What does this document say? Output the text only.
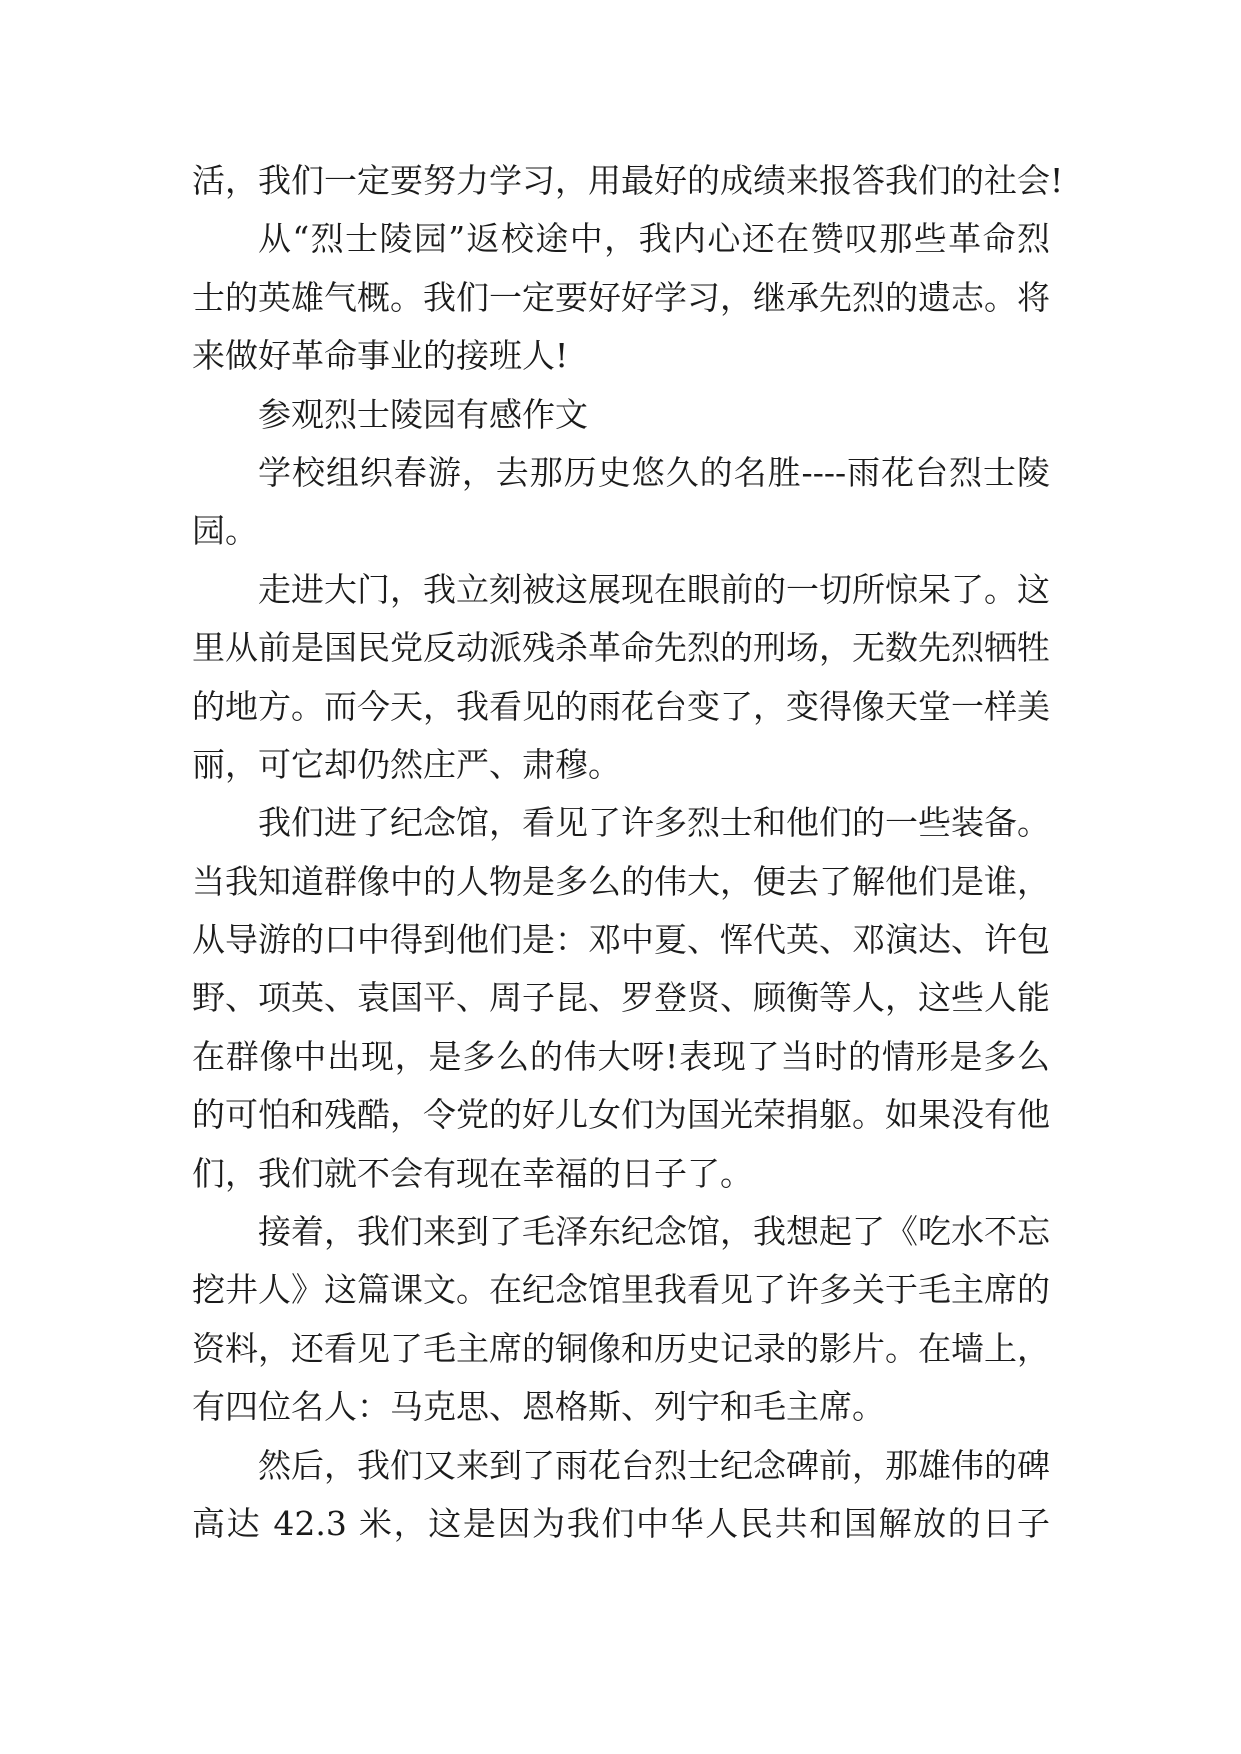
活，我们一定要努力学习，用最好的成绩来报答我们的社会!
从“烈士陵园”返校途中，我内心还在赞叹那些革命烈
士的英雄气概。我们一定要好好学习，继承先烈的遗志。将
来做好革命事业的接班人!
参观烈士陵园有感作文
学校组织春游，去那历史悠久的名胜----雨花台烈士陵
园。
走进大门，我立刻被这展现在眼前的一切所惊呆了。这
里从前是国民党反动派残杀革命先烈的刑场，无数先烈牺牲
的地方。而今天，我看见的雨花台变了，变得像天堂一样美
丽，可它却仍然庄严、肃穆。
我们进了纪念馆，看见了许多烈士和他们的一些装备。
当我知道群像中的人物是多么的伟大，便去了解他们是谁，
从导游的口中得到他们是：邓中夏、恽代英、邓演达、许包
野、项英、袁国平、周子昆、罗登贤、顾衡等人，这些人能
在群像中出现，是多么的伟大呀!表现了当时的情形是多么
的可怕和残酷，令党的好儿女们为国光荣捐躯。如果没有他
们，我们就不会有现在幸福的日子了。
接着，我们来到了毛泽东纪念馆，我想起了《吃水不忘
挖井人》这篇课文。在纪念馆里我看见了许多关于毛主席的
资料，还看见了毛主席的铜像和历史记录的影片。在墙上，
有四位名人：马克思、恩格斯、列宁和毛主席。
然后，我们又来到了雨花台烈士纪念碑前，那雄伟的碑
高达 42.3 米，这是因为我们中华人民共和国解放的日子
